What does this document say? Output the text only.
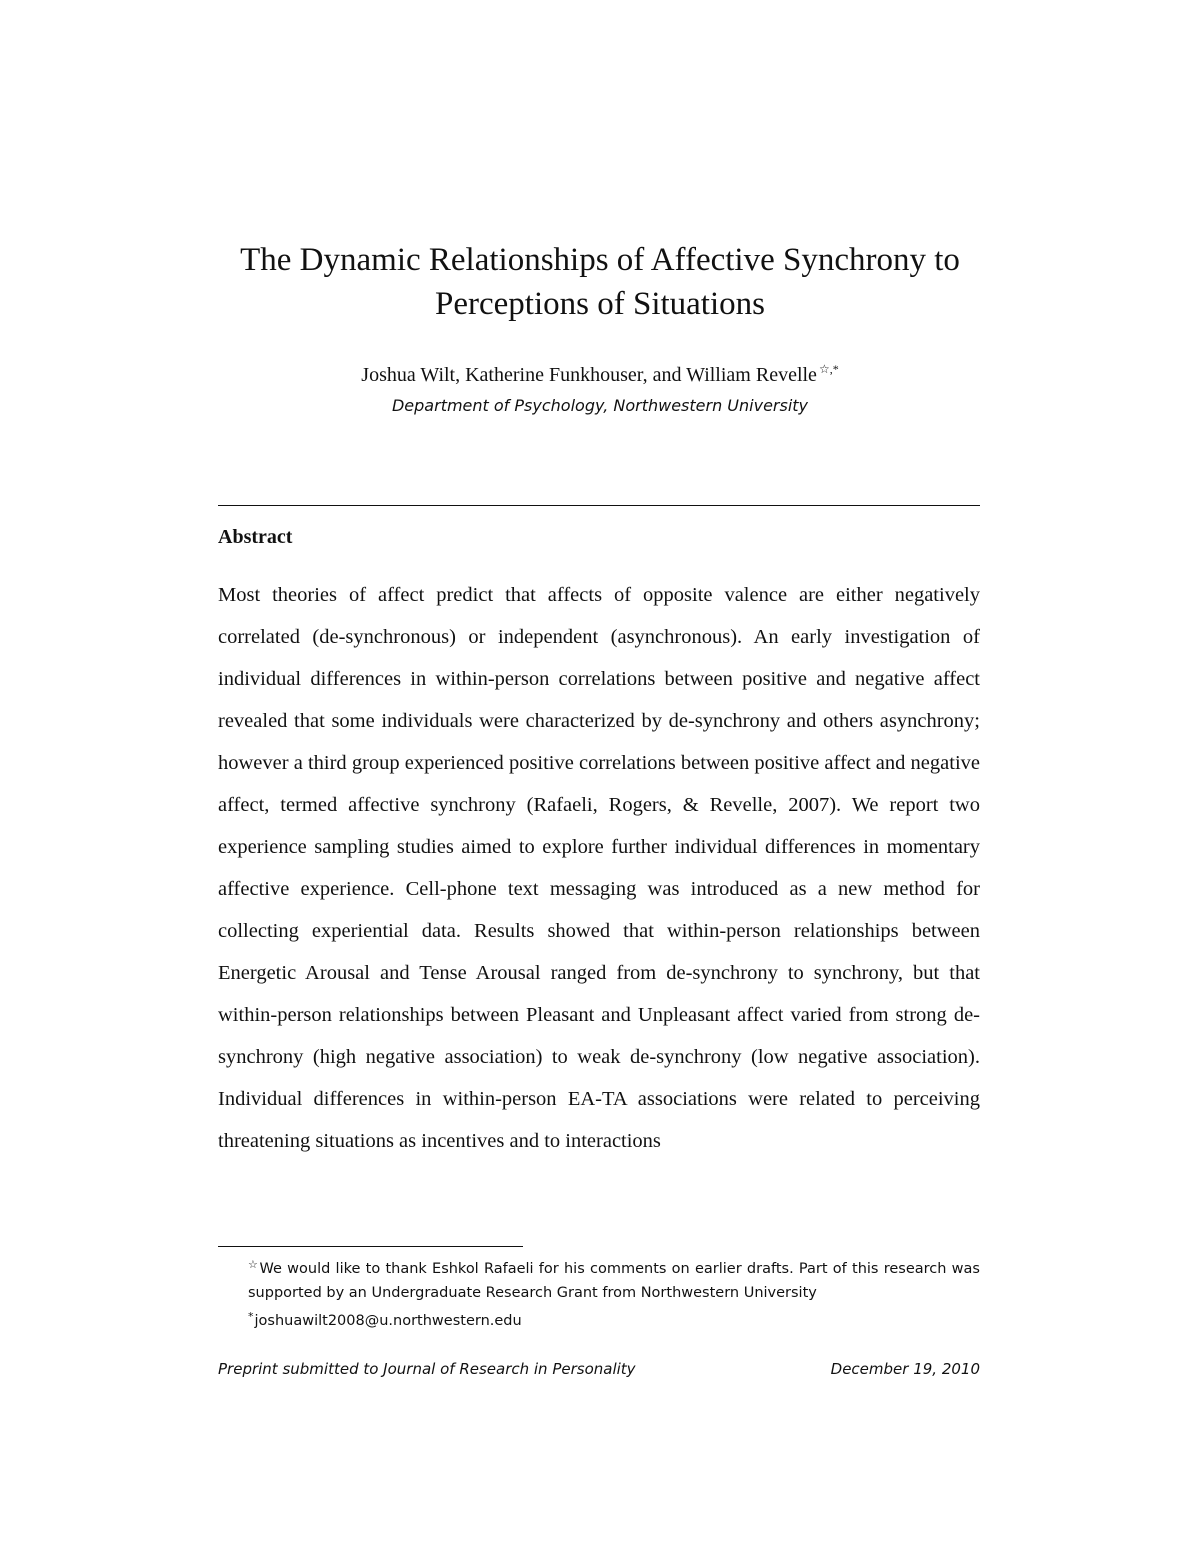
The Dynamic Relationships of Affective Synchrony to
Perceptions of Situations
Joshua Wilt, Katherine Funkhouser, and William Revelle ☆,*
Department of Psychology, Northwestern University
Abstract

Most theories of affect predict that affects of opposite valence are either negatively correlated (de-synchronous) or independent (asynchronous). An early investigation of individual differences in within-person correlations between positive and negative affect revealed that some individuals were characterized by de-synchrony and others asynchrony; however a third group experienced positive correlations between positive affect and negative affect, termed affective synchrony (Rafaeli, Rogers, & Revelle, 2007). We report two experience sampling studies aimed to explore further individual differences in momentary affective experience. Cell-phone text messaging was introduced as a new method for collecting experiential data. Results showed that within-person relationships between Energetic Arousal and Tense Arousal ranged from de-synchrony to synchrony, but that within-person relationships between Pleasant and Unpleasant affect varied from strong de-synchrony (high negative association) to weak de-synchrony (low negative association). Individual differences in within-person EA-TA associations were related to perceiving threatening situations as incentives and to interactions

☆We would like to thank Eshkol Rafaeli for his comments on earlier drafts. Part of this research was supported by an Undergraduate Research Grant from Northwestern University

*joshuawilt2008@u.northwestern.edu

Preprint submitted to Journal of Research in Personality	December 19, 2010
